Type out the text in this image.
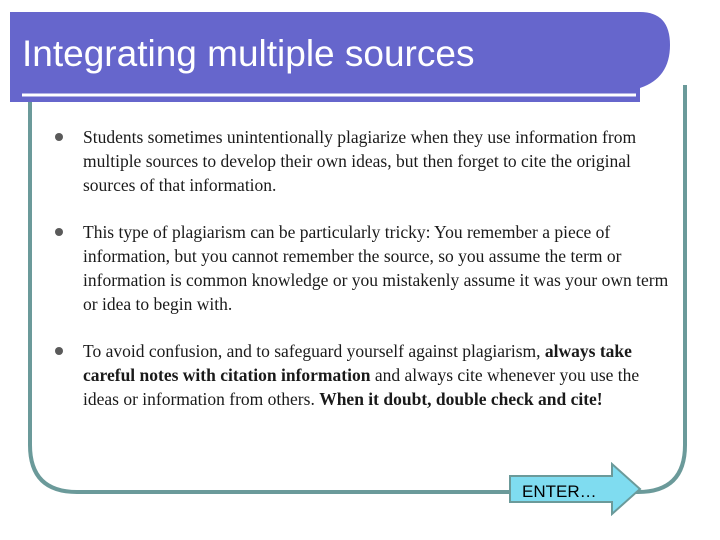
Integrating multiple sources
Students sometimes unintentionally plagiarize when they use information from multiple sources to develop their own ideas, but then forget to cite the original sources of that information.
This type of plagiarism can be particularly tricky: You remember a piece of information, but you cannot remember the source, so you assume the term or information is common knowledge or you mistakenly assume it was your own term or idea to begin with.
To avoid confusion, and to safeguard yourself against plagiarism, always take careful notes with citation information and always cite whenever you use the ideas or information from others. When it doubt, double check and cite!
ENTER…
